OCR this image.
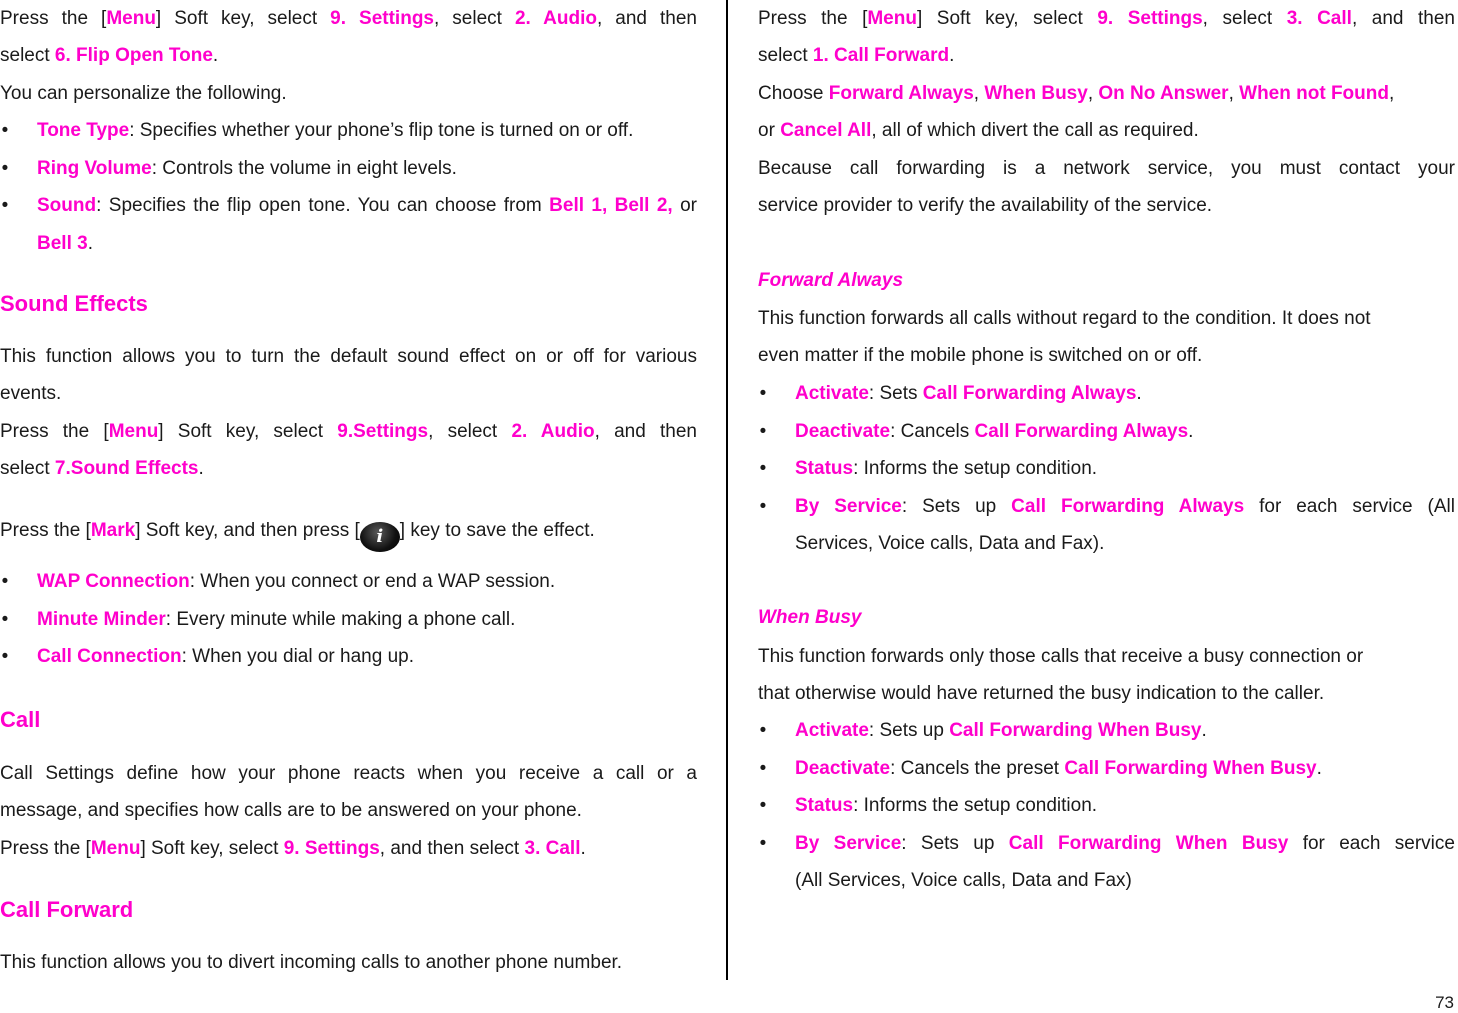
Press the [Menu] Soft key, select 9. Settings, select 2. Audio, and then

select 6. Flip Open Tone.

You can personalize the following.

• Tone Type: Specifies whether your phone’s flip tone is turned on or off.
• Ring Volume: Controls the volume in eight levels.
• Sound: Specifies the flip open tone. You can choose from Bell 1, Bell 2, or Bell 3.
Sound Effects

This function allows you to turn the default sound effect on or off for various

events.

Press the [Menu] Soft key, select 9.Settings, select 2. Audio, and then

select 7.Sound Effects.

Press the [Mark] Soft key, and then press [ i ] key to save the effect.

• WAP Connection: When you connect or end a WAP session.
• Minute Minder: Every minute while making a phone call.
• Call Connection: When you dial or hang up.
Call

Call Settings define how your phone reacts when you receive a call or a

message, and specifies how calls are to be answered on your phone.

Press the [Menu] Soft key, select 9. Settings, and then select 3. Call.

Call Forward

This function allows you to divert incoming calls to another phone number.

Press the [Menu] Soft key, select 9. Settings, select 3. Call, and then

select 1. Call Forward.

Choose Forward Always, When Busy, On No Answer, When not Found,

or Cancel All, all of which divert the call as required.

Because call forwarding is a network service, you must contact your

service provider to verify the availability of the service.

Forward Always

This function forwards all calls without regard to the condition. It does not

even matter if the mobile phone is switched on or off.

• Activate: Sets Call Forwarding Always.
• Deactivate: Cancels Call Forwarding Always.
• Status: Informs the setup condition.
• By Service: Sets up Call Forwarding Always for each service (All
Services, Voice calls, Data and Fax).
When Busy

This function forwards only those calls that receive a busy connection or

that otherwise would have returned the busy indication to the caller.

• Activate: Sets up Call Forwarding When Busy.
• Deactivate: Cancels the preset Call Forwarding When Busy.
• Status: Informs the setup condition.
• By Service: Sets up Call Forwarding When Busy for each service
(All Services, Voice calls, Data and Fax)
73
